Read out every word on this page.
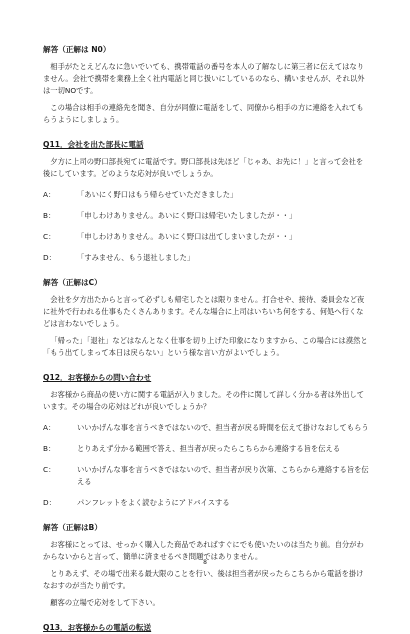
解答（正解は N0）

相手がたとえどんなに急いでいても、携帯電話の番号を本人の了解なしに第三者に伝えてはなりません。会社で携帯を業務上全く社内電話と同じ扱いにしているのなら、構いませんが、それ以外は一切NOです。

この場合は相手の連絡先を聞き、自分が同僚に電話をして、同僚から相手の方に連絡を入れてもらうようにしましょう。

Q11．会社を出た部長に電話

夕方に上司の野口部長宛てに電話です。野口部長は先ほど「じゃあ、お先に！」と言って会社を後にしています。どのような応対が良いでしょうか。

A：	「あいにく野口はもう帰らせていただきました」
B：	「申しわけありません。あいにく野口は帰宅いたしましたが・・」
C：	「申しわけありません。あいにく野口は出てしまいましたが・・」
D：	「すみません、もう退社しました」

解答（正解はC）

会社を夕方出たからと言って必ずしも帰宅したとは限りません。打合せや、接待、委員会など夜に社外で行われる仕事もたくさんあります。そんな場合に上司はいちいち何をする、何処へ行くなどは言わないでしょう。

「帰った」「退社」などはなんとなく仕事を切り上げた印象になりますから、この場合には漠然と「もう出てしまって本日は戻らない」という様な言い方がよいでしょう。

Q12．お客様からの問い合わせ

お客様から商品の使い方に関する電話が入りました。その件に関して詳しく分かる者は外出しています。その場合の応対はどれが良いでしょうか？

A：	いいかげんな事を言うべきではないので、担当者が戻る時間を伝えて掛けなおしてもらう
B：	とりあえず分かる範囲で答え、担当者が戻ったらこちらから連絡する旨を伝える
C：	いいかげんな事を言うべきではないので、担当者が戻り次第、こちらから連絡する旨を伝える
D：	パンフレットをよく読むようにアドバイスする

解答（正解はB）

お客様にとっては、せっかく購入した商品であればすぐにでも使いたいのは当たり前。自分がわからないからと言って、簡単に済ませるべき問題ではありません。

とりあえず、その場で出来る最大限のことを行い、後は担当者が戻ったらこちらから電話を掛けなおすのが当たり前です。

顧客の立場で応対をして下さい。

Q13．お客様からの電話の転送

8
